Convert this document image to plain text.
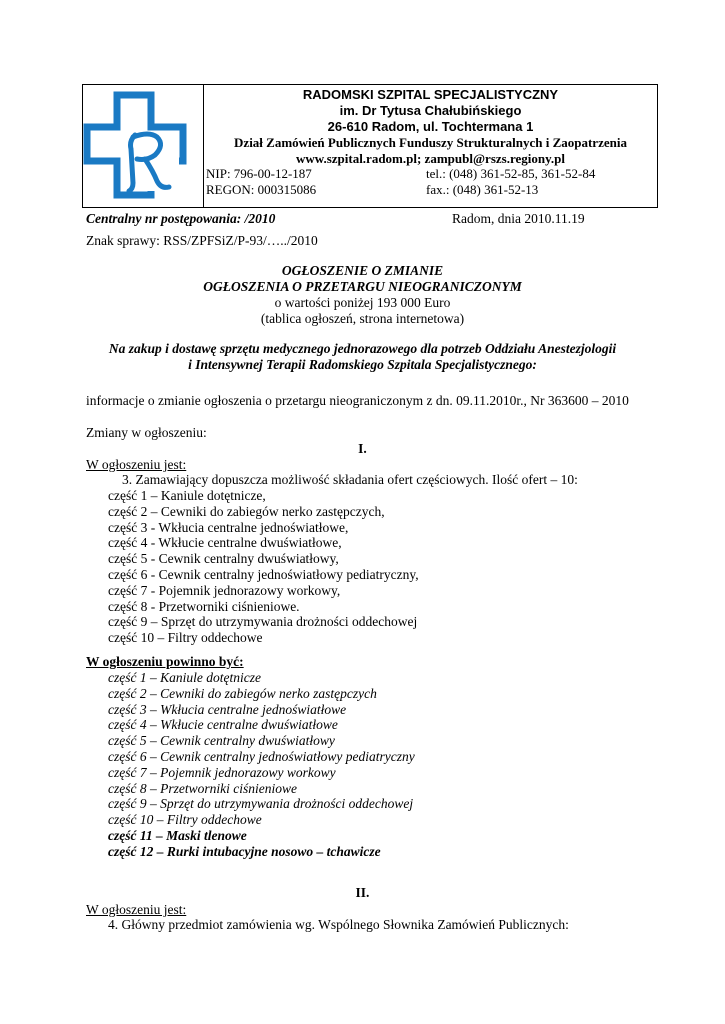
RADOMSKI SZPITAL SPECJALISTYCZNY
im. Dr Tytusa Chałubińskiego
26-610 Radom, ul. Tochtermana 1
Dział Zamówień Publicznych Funduszy Strukturalnych i Zaopatrzenia
www.szpital.radom.pl; zampubl@rszs.regiony.pl
NIP: 796-00-12-187	tel.: (048) 361-52-85, 361-52-84
REGON: 000315086	fax.: (048) 361-52-13
Centralny nr postępowania: /2010	Radom, dnia 2010.11.19
Znak sprawy: RSS/ZPFSiZ/P-93/…../2010
OGŁOSZENIE O ZMIANIE
OGŁOSZENIA O PRZETARGU NIEOGRANICZONYM
o wartości poniżej 193 000 Euro
(tablica ogłoszeń, strona internetowa)
Na zakup i dostawę sprzętu medycznego jednorazowego dla potrzeb Oddziału Anestezjologii
i Intensywnej Terapii Radomskiego Szpitala Specjalistycznego:
informacje o zmianie ogłoszenia o przetargu nieograniczonym z dn. 09.11.2010r., Nr 363600 – 2010
Zmiany w ogłoszeniu:
I.
W ogłoszeniu jest:
3. Zamawiający dopuszcza możliwość składania ofert częściowych. Ilość ofert – 10:
część 1 – Kaniule dotętnicze,
część 2 – Cewniki do zabiegów nerko zastępczych,
część 3 - Wkłucia centralne jednoświatłowe,
część 4 - Wkłucie centralne dwuświatłowe,
część 5 - Cewnik centralny dwuświatłowy,
część 6 - Cewnik centralny jednoświatłowy pediatryczny,
część 7 - Pojemnik jednorazowy workowy,
część 8 - Przetworniki ciśnieniowe.
część 9 – Sprzęt do utrzymywania drożności oddechowej
część 10 – Filtry oddechowe
W ogłoszeniu powinno być:
część 1 – Kaniule dotętnicze
część 2 – Cewniki do zabiegów nerko zastępczych
część 3 – Wkłucia centralne jednoświatłowe
część 4 – Wkłucie centralne dwuświatłowe
część 5 – Cewnik centralny dwuświatłowy
część 6 – Cewnik centralny jednoświatłowy pediatryczny
część 7 – Pojemnik jednorazowy workowy
część 8 – Przetworniki ciśnieniowe
część 9 – Sprzęt do utrzymywania drożności oddechowej
część 10 – Filtry oddechowe
część 11 – Maski tlenowe
część 12 – Rurki intubacyjne nosowo – tchawicze
II.
W ogłoszeniu jest:
4. Główny przedmiot zamówienia wg. Wspólnego Słownika Zamówień Publicznych:
